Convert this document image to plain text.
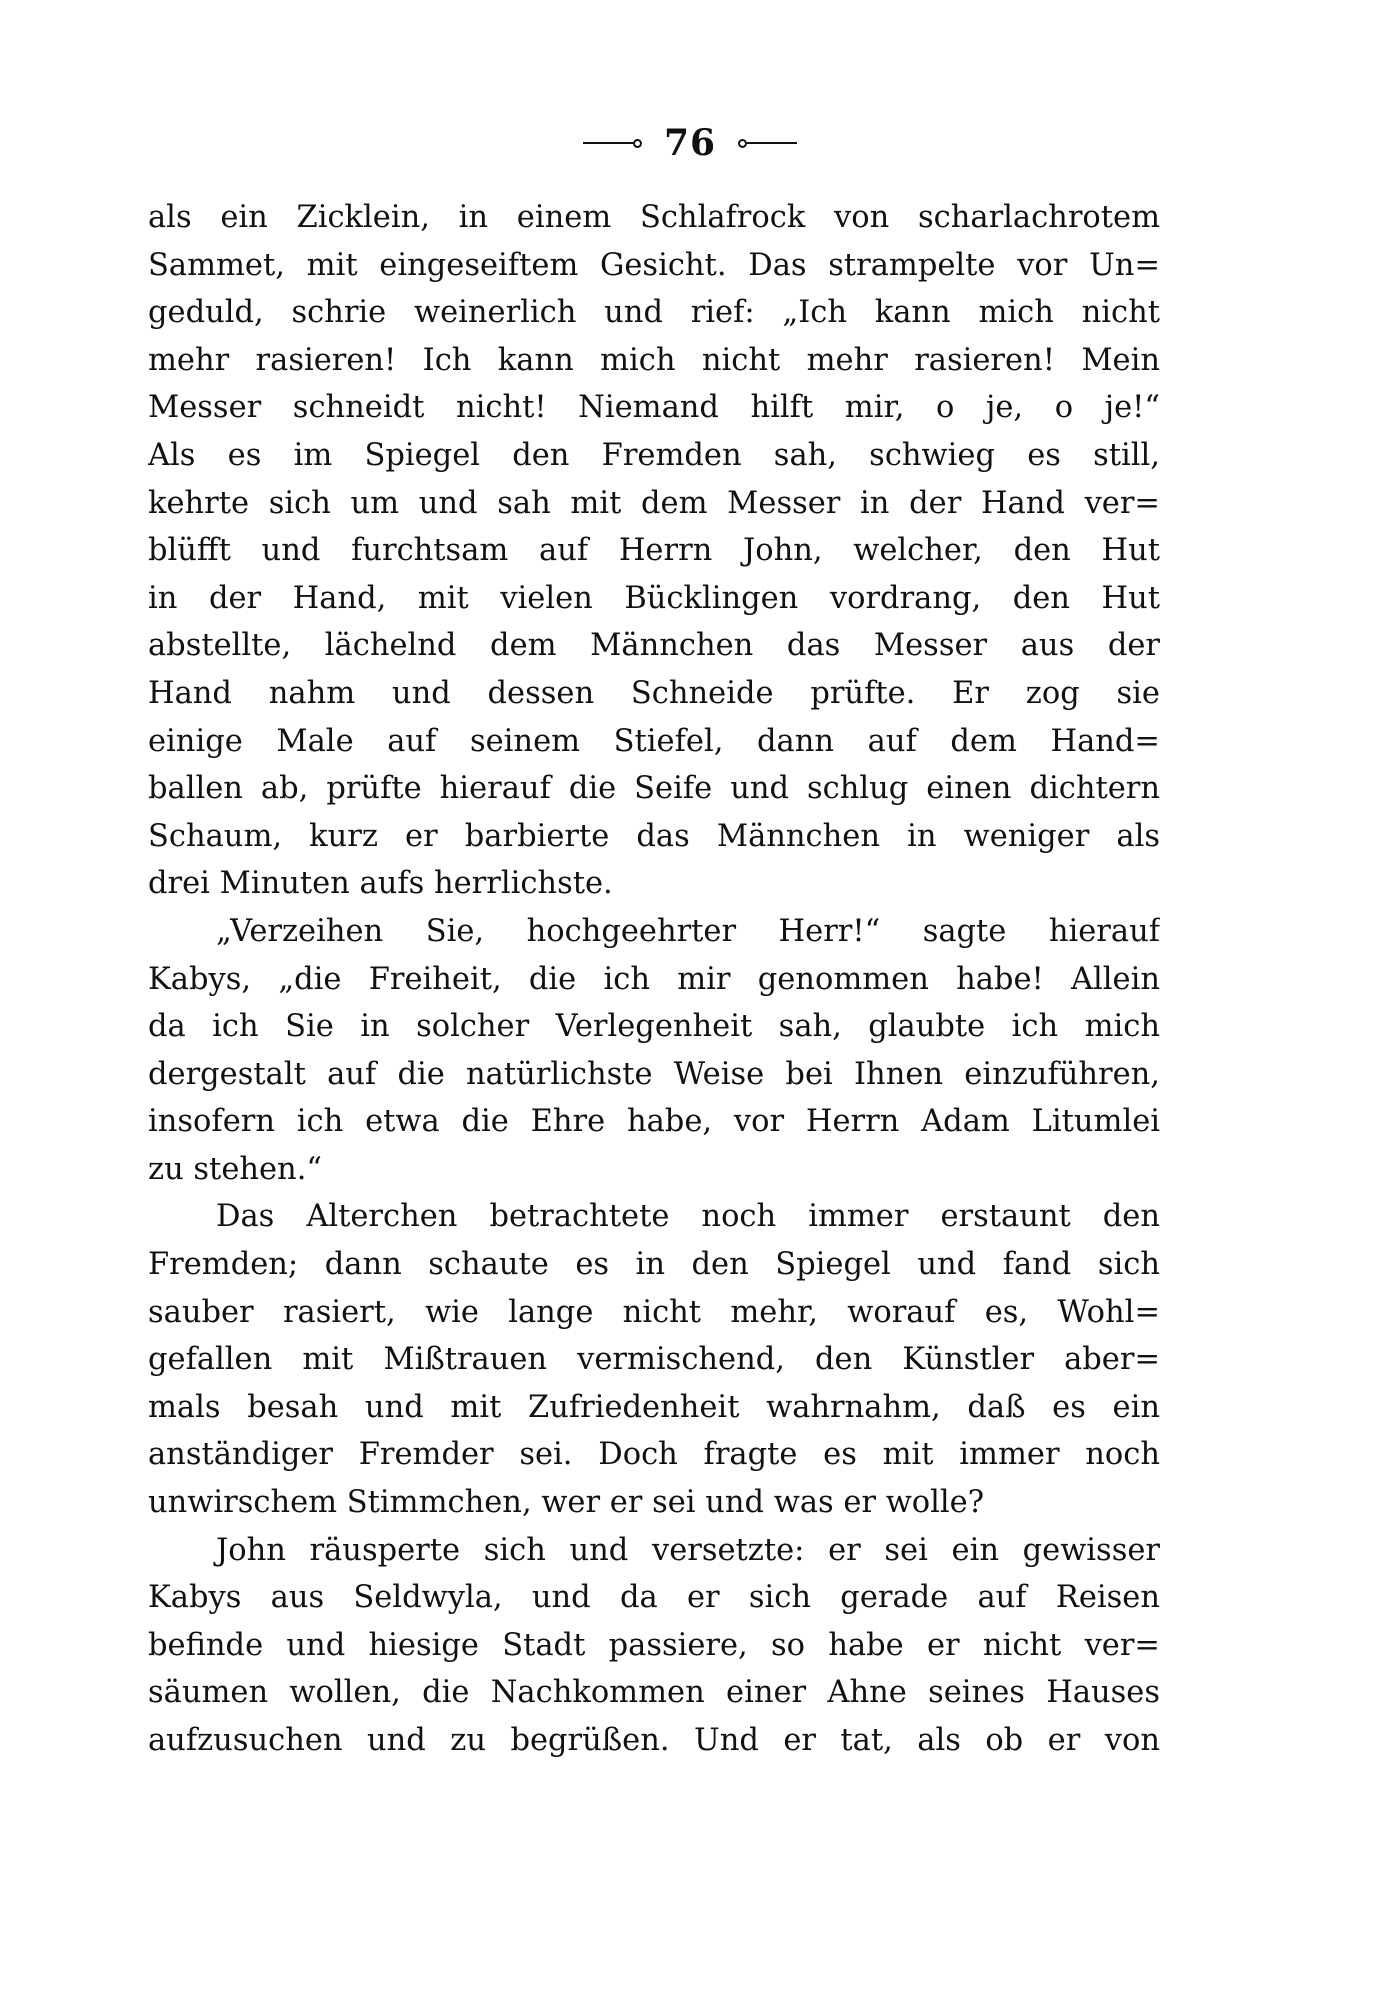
76
als ein Zicklein, in einem Schlafrock von scharlachrotem
Sammet, mit eingeseiftem Gesicht. Das strampelte vor Un=
geduld, schrie weinerlich und rief: „Ich kann mich nicht
mehr rasieren! Ich kann mich nicht mehr rasieren! Mein
Messer schneidt nicht! Niemand hilft mir, o je, o je!“
Als es im Spiegel den Fremden sah, schwieg es still,
kehrte sich um und sah mit dem Messer in der Hand ver=
blüfft und furchtsam auf Herrn John, welcher, den Hut
in der Hand, mit vielen Bücklingen vordrang, den Hut
abstellte, lächelnd dem Männchen das Messer aus der
Hand nahm und dessen Schneide prüfte. Er zog sie
einige Male auf seinem Stiefel, dann auf dem Hand=
ballen ab, prüfte hierauf die Seife und schlug einen dichtern
Schaum, kurz er barbierte das Männchen in weniger als
drei Minuten aufs herrlichste.
„Verzeihen Sie, hochgeehrter Herr!“ sagte hierauf
Kabys, „die Freiheit, die ich mir genommen habe! Allein
da ich Sie in solcher Verlegenheit sah, glaubte ich mich
dergestalt auf die natürlichste Weise bei Ihnen einzuführen,
insofern ich etwa die Ehre habe, vor Herrn Adam Litumlei
zu stehen.“
Das Alterchen betrachtete noch immer erstaunt den
Fremden; dann schaute es in den Spiegel und fand sich
sauber rasiert, wie lange nicht mehr, worauf es, Wohl=
gefallen mit Mißtrauen vermischend, den Künstler aber=
mals besah und mit Zufriedenheit wahrnahm, daß es ein
anständiger Fremder sei. Doch fragte es mit immer noch
unwirschem Stimmchen, wer er sei und was er wolle?
John räusperte sich und versetzte: er sei ein gewisser
Kabys aus Seldwyla, und da er sich gerade auf Reisen
befinde und hiesige Stadt passiere, so habe er nicht ver=
säumen wollen, die Nachkommen einer Ahne seines Hauses
aufzusuchen und zu begrüßen. Und er tat, als ob er von
